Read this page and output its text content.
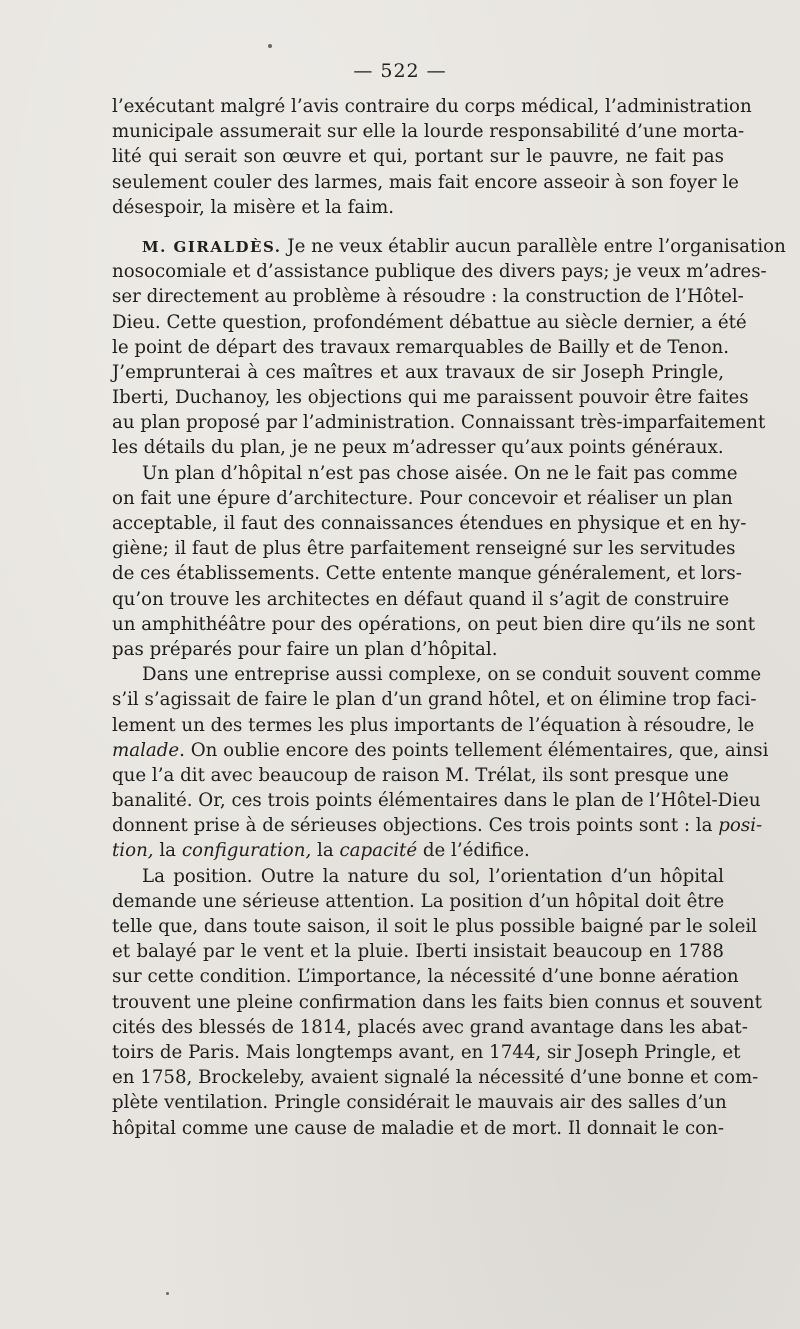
— 522 —
l’exécutant malgré l’avis contraire du corps médical, l’administration
municipale assumerait sur elle la lourde responsabilité d’une morta-
lité qui serait son œuvre et qui, portant sur le pauvre, ne fait pas
seulement couler des larmes, mais fait encore asseoir à son foyer le
désespoir, la misère et la faim.
M. GIRALDÈS. Je ne veux établir aucun parallèle entre l’organisation
nosocomiale et d’assistance publique des divers pays; je veux m’adres-
ser directement au problème à résoudre : la construction de l’Hôtel-
Dieu. Cette question, profondément débattue au siècle dernier, a été
le point de départ des travaux remarquables de Bailly et de Tenon.
J’emprunterai à ces maîtres et aux travaux de sir Joseph Pringle,
Iberti, Duchanoy, les objections qui me paraissent pouvoir être faites
au plan proposé par l’administration. Connaissant très-imparfaitement
les détails du plan, je ne peux m’adresser qu’aux points généraux.
Un plan d’hôpital n’est pas chose aisée. On ne le fait pas comme
on fait une épure d’architecture. Pour concevoir et réaliser un plan
acceptable, il faut des connaissances étendues en physique et en hy-
giène; il faut de plus être parfaitement renseigné sur les servitudes
de ces établissements. Cette entente manque généralement, et lors-
qu’on trouve les architectes en défaut quand il s’agit de construire
un amphithéâtre pour des opérations, on peut bien dire qu’ils ne sont
pas préparés pour faire un plan d’hôpital.
Dans une entreprise aussi complexe, on se conduit souvent comme
s’il s’agissait de faire le plan d’un grand hôtel, et on élimine trop faci-
lement un des termes les plus importants de l’équation à résoudre, le
malade. On oublie encore des points tellement élémentaires, que, ainsi
que l’a dit avec beaucoup de raison M. Trélat, ils sont presque une
banalité. Or, ces trois points élémentaires dans le plan de l’Hôtel-Dieu
donnent prise à de sérieuses objections. Ces trois points sont : la posi-
tion, la configuration, la capacité de l’édifice.
La position. Outre la nature du sol, l’orientation d’un hôpital
demande une sérieuse attention. La position d’un hôpital doit être
telle que, dans toute saison, il soit le plus possible baigné par le soleil
et balayé par le vent et la pluie. Iberti insistait beaucoup en 1788
sur cette condition. L’importance, la nécessité d’une bonne aération
trouvent une pleine confirmation dans les faits bien connus et souvent
cités des blessés de 1814, placés avec grand avantage dans les abat-
toirs de Paris. Mais longtemps avant, en 1744, sir Joseph Pringle, et
en 1758, Brockeleby, avaient signalé la nécessité d’une bonne et com-
plète ventilation. Pringle considérait le mauvais air des salles d’un
hôpital comme une cause de maladie et de mort. Il donnait le con-
